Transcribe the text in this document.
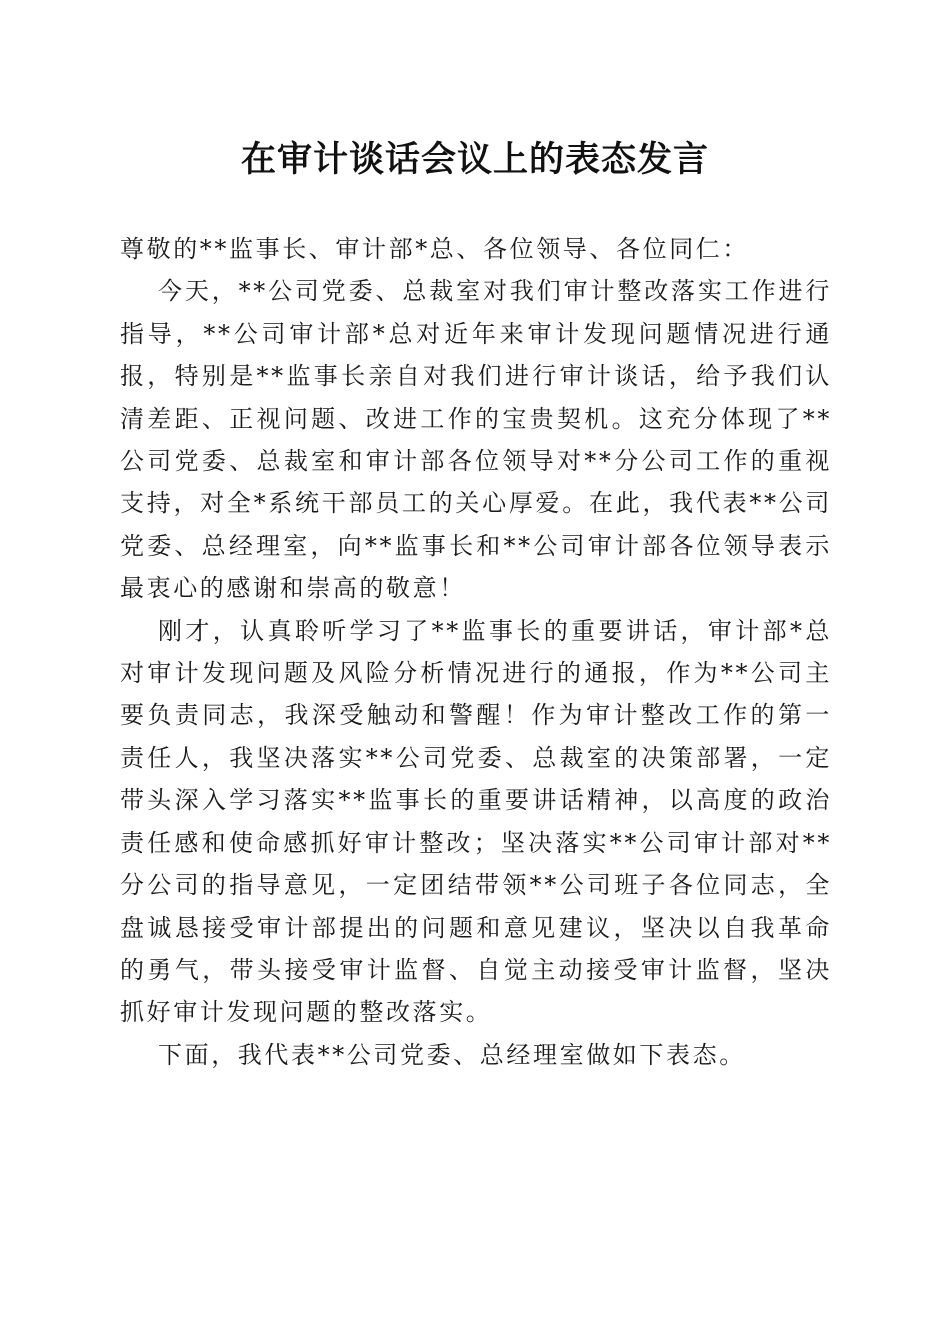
在审计谈话会议上的表态发言

尊敬的**监事长、审计部*总、各位领导、各位同仁：

今天，**公司党委、总裁室对我们审计整改落实工作进行指导，**公司审计部*总对近年来审计发现问题情况进行通报，特别是**监事长亲自对我们进行审计谈话，给予我们认清差距、正视问题、改进工作的宝贵契机。这充分体现了**公司党委、总裁室和审计部各位领导对**分公司工作的重视支持，对全*系统干部员工的关心厚爱。在此，我代表**公司党委、总经理室，向**监事长和**公司审计部各位领导表示最衷心的感谢和崇高的敬意！

刚才，认真聆听学习了**监事长的重要讲话，审计部*总对审计发现问题及风险分析情况进行的通报，作为**公司主要负责同志，我深受触动和警醒！作为审计整改工作的第一责任人，我坚决落实**公司党委、总裁室的决策部署，一定带头深入学习落实**监事长的重要讲话精神，以高度的政治责任感和使命感抓好审计整改；坚决落实**公司审计部对**分公司的指导意见，一定团结带领**公司班子各位同志，全盘诚恳接受审计部提出的问题和意见建议，坚决以自我革命的勇气，带头接受审计监督、自觉主动接受审计监督，坚决抓好审计发现问题的整改落实。

下面，我代表**公司党委、总经理室做如下表态。
